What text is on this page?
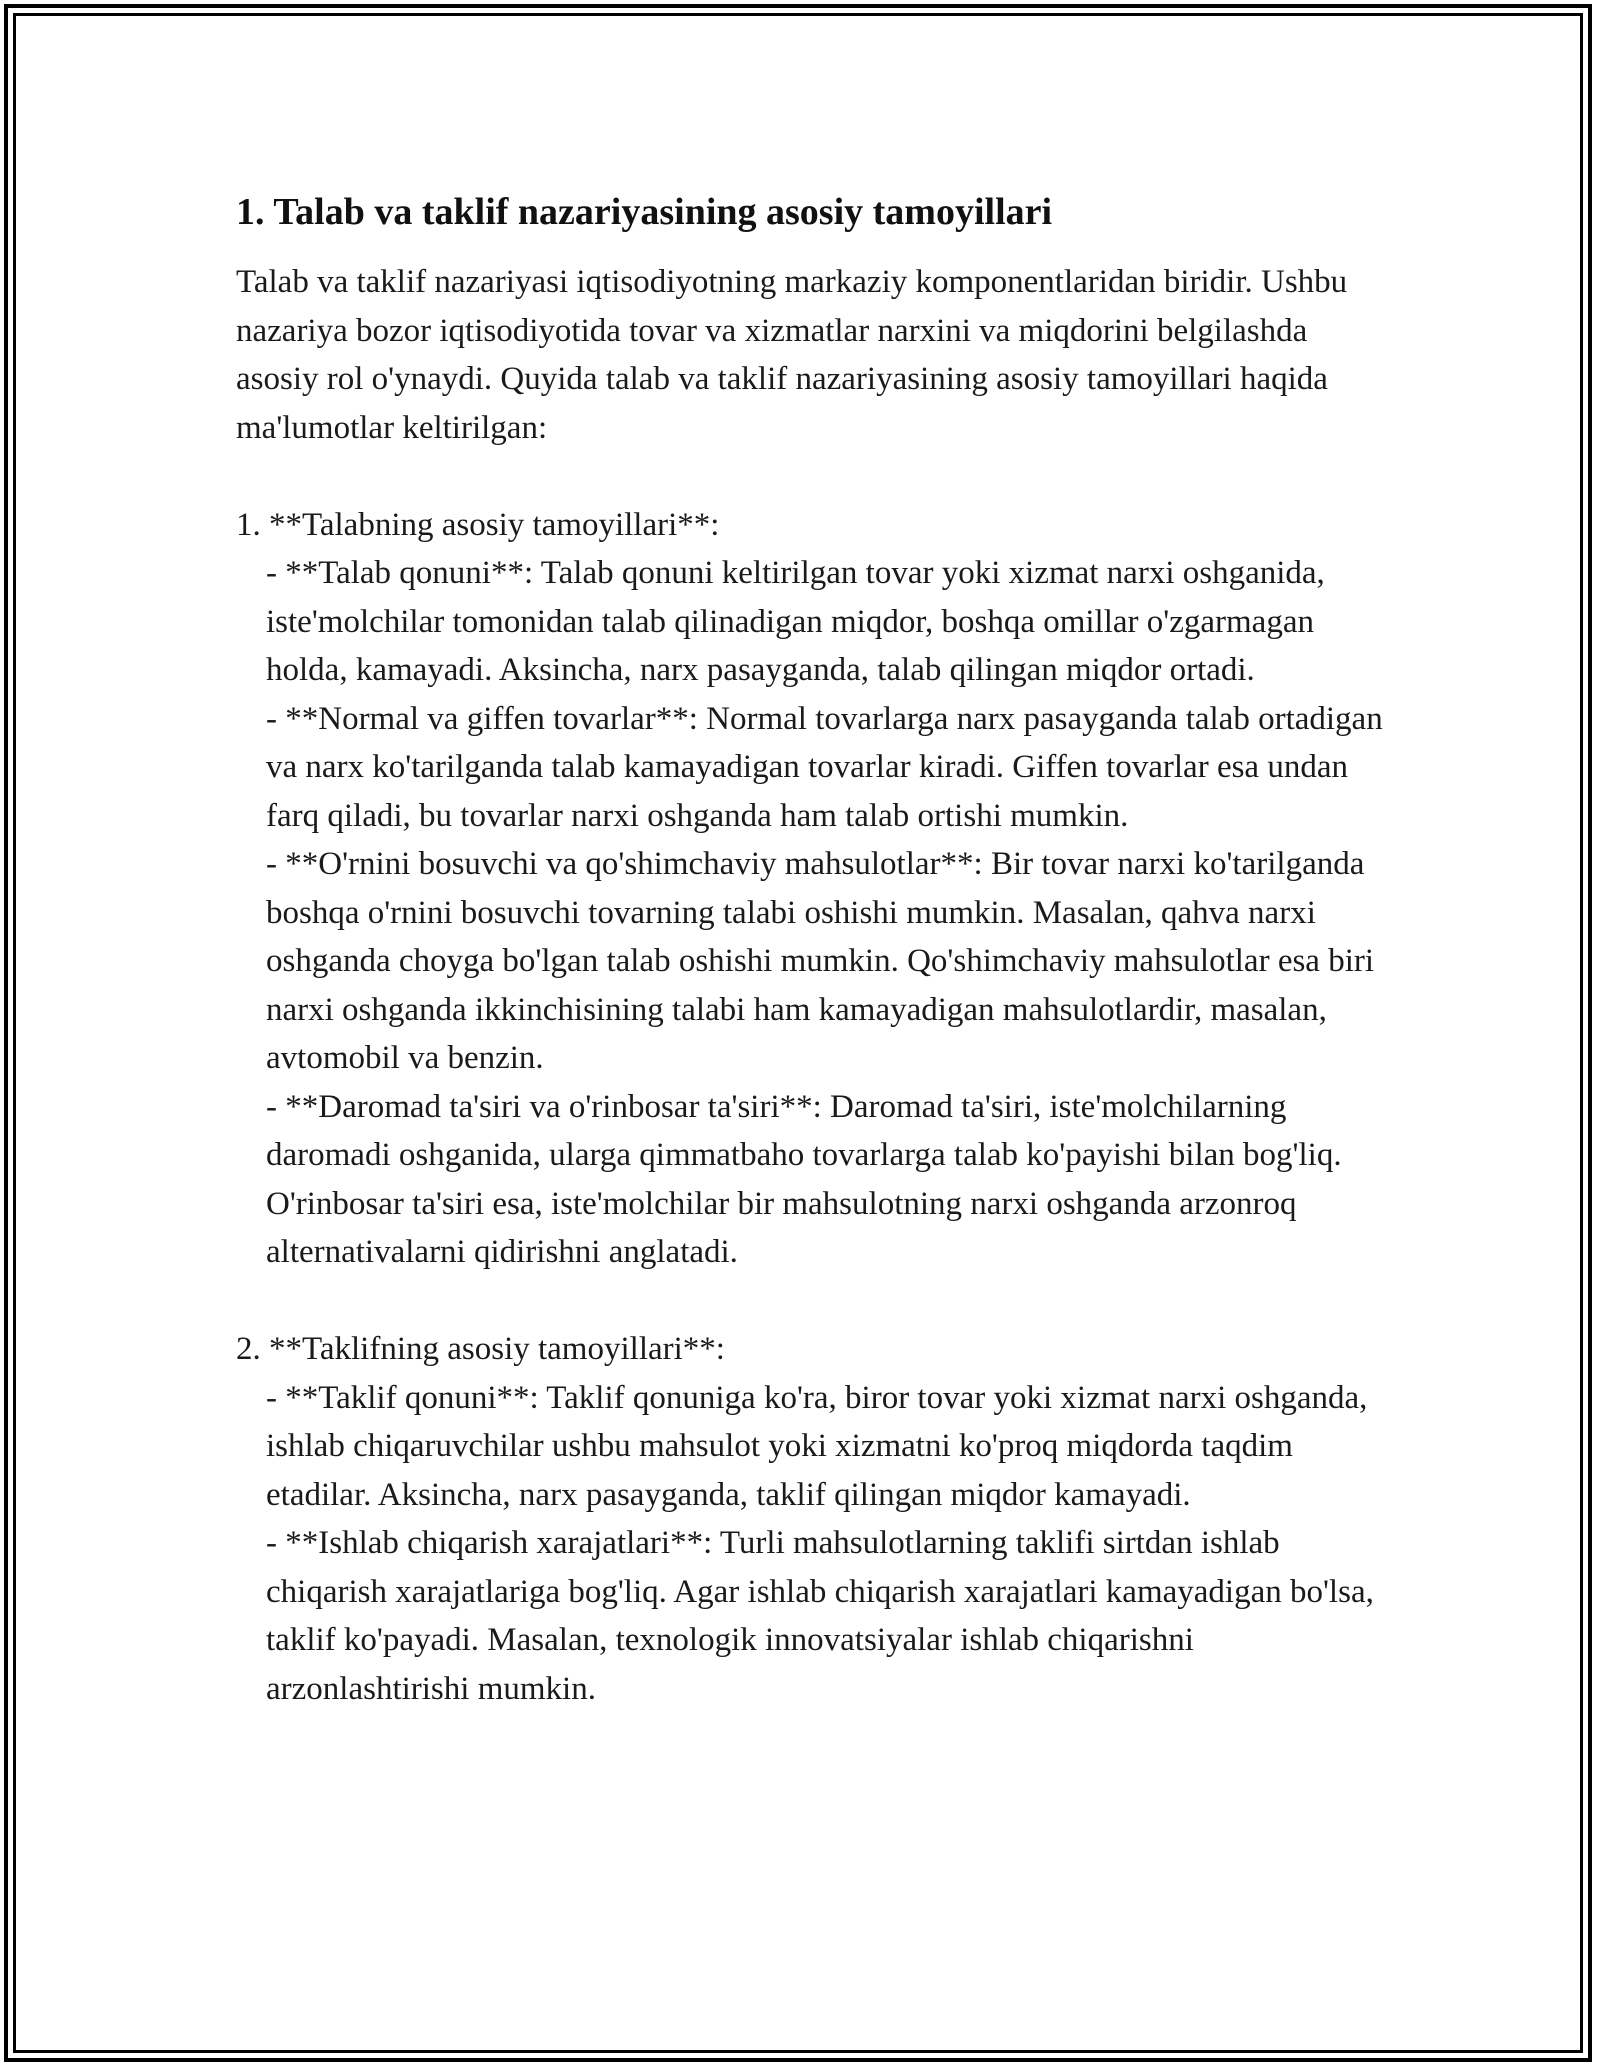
1. Talab va taklif nazariyasining asosiy tamoyillari

Talab va taklif nazariyasi iqtisodiyotning markaziy komponentlaridan biridir. Ushbu nazariya bozor iqtisodiyotida tovar va xizmatlar narxini va miqdorini belgilashda asosiy rol o'ynaydi. Quyida talab va taklif nazariyasining asosiy tamoyillari haqida ma'lumotlar keltirilgan:

1. **Talabning asosiy tamoyillari**:

- **Talab qonuni**: Talab qonuni keltirilgan tovar yoki xizmat narxi oshganida, iste'molchilar tomonidan talab qilinadigan miqdor, boshqa omillar o'zgarmagan holda, kamayadi. Aksincha, narx pasayganda, talab qilingan miqdor ortadi.

- **Normal va giffen tovarlar**: Normal tovarlarga narx pasayganda talab ortadigan va narx ko'tarilganda talab kamayadigan tovarlar kiradi. Giffen tovarlar esa undan farq qiladi, bu tovarlar narxi oshganda ham talab ortishi mumkin.

- **O'rnini bosuvchi va qo'shimchaviy mahsulotlar**: Bir tovar narxi ko'tarilganda boshqa o'rnini bosuvchi tovarning talabi oshishi mumkin. Masalan, qahva narxi oshganda choyga bo'lgan talab oshishi mumkin. Qo'shimchaviy mahsulotlar esa biri narxi oshganda ikkinchisining talabi ham kamayadigan mahsulotlardir, masalan, avtomobil va benzin.

- **Daromad ta'siri va o'rinbosar ta'siri**: Daromad ta'siri, iste'molchilarning daromadi oshganida, ularga qimmatbaho tovarlarga talab ko'payishi bilan bog'liq. O'rinbosar ta'siri esa, iste'molchilar bir mahsulotning narxi oshganda arzonroq alternativalarni qidirishni anglatadi.

2. **Taklifning asosiy tamoyillari**:

- **Taklif qonuni**: Taklif qonuniga ko'ra, biror tovar yoki xizmat narxi oshganda, ishlab chiqaruvchilar ushbu mahsulot yoki xizmatni ko'proq miqdorda taqdim etadilar. Aksincha, narx pasayganda, taklif qilingan miqdor kamayadi.

- **Ishlab chiqarish xarajatlari**: Turli mahsulotlarning taklifi sirtdan ishlab chiqarish xarajatlariga bog'liq. Agar ishlab chiqarish xarajatlari kamayadigan bo'lsa, taklif ko'payadi. Masalan, texnologik innovatsiyalar ishlab chiqarishni arzonlashtirishi mumkin.
